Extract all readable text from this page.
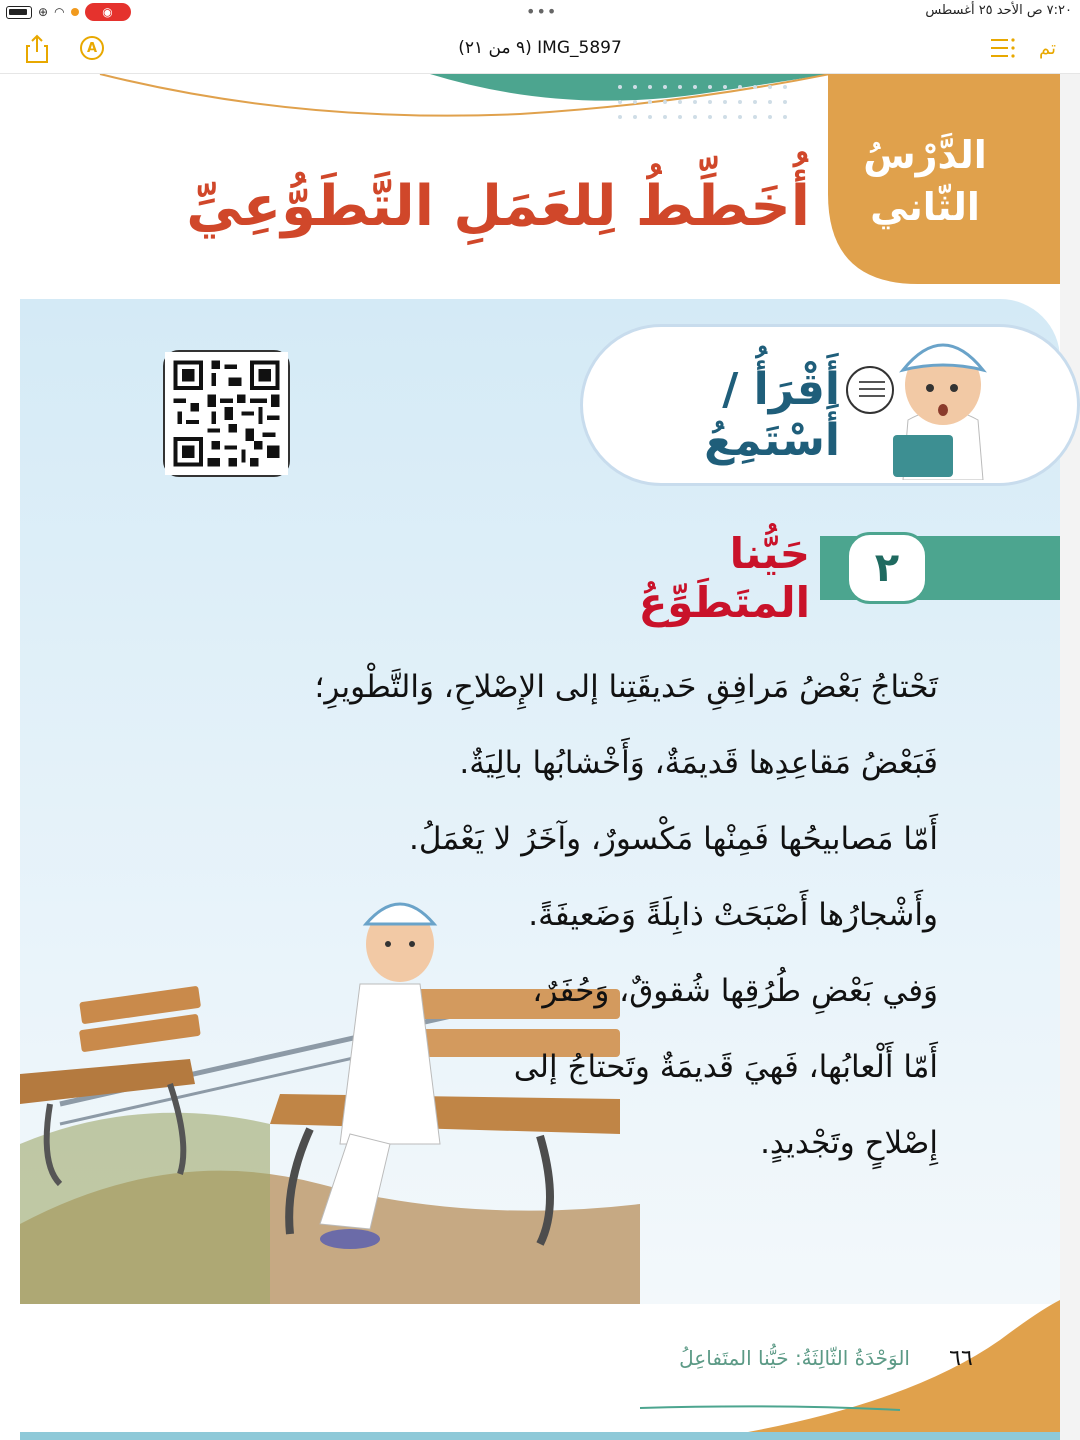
⊕ ◠	◉	•••	٧:٢٠ ص الأحد ٢٥ أغسطس
A	IMG_5897 (٩ من ٢١)	تم
الدَّرْسُ
الثّاني
أُخَطِّطُ لِلعَمَلِ التَّطَوُّعِيِّ
أَقْرَأُ / أَسْتَمِعُ
٢
حَيُّنا المتَطَوِّعُ
تَحْتاجُ بَعْضُ مَرافِقِ حَديقَتِنا إلى الإِصْلاحِ، وَالتَّطْويرِ؛
فَبَعْضُ مَقاعِدِها قَديمَةٌ، وَأَخْشابُها بالِيَةٌ.
أَمّا مَصابيحُها فَمِنْها مَكْسورٌ، وآخَرُ لا يَعْمَلُ.
وأَشْجارُها أَصْبَحَتْ ذابِلَةً وَضَعيفَةً.
وَفي بَعْضِ طُرُقِها شُقوقٌ، وَحُفَرٌ،
أَمّا أَلْعابُها، فَهيَ قَديمَةٌ وتَحتاجُ إلى
إِصْلاحٍ وتَجْديدٍ.
الوَحْدَةُ الثّالِثَةُ: حَيُّنا المتَفاعِلُ	٦٦
